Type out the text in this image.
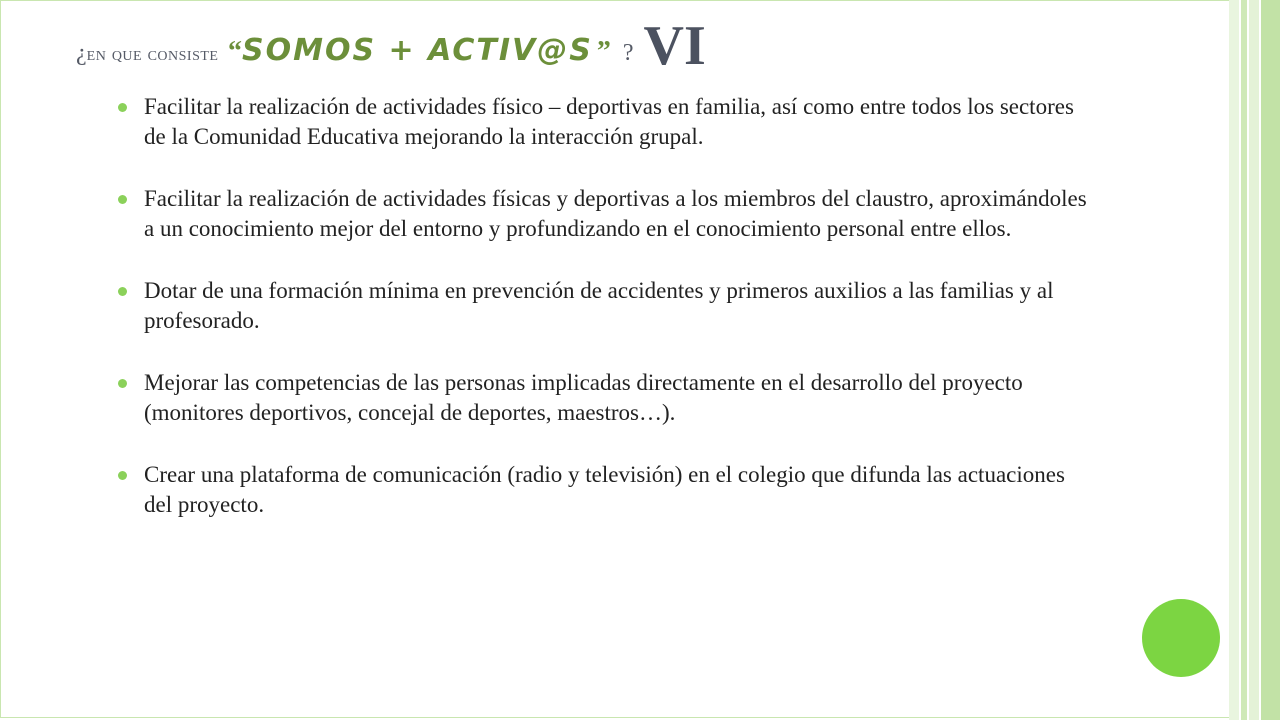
¿en que consiste “SOMOS + ACTIV@S ” ? VI
Facilitar la realización de actividades físico – deportivas en familia, así como entre todos los sectores de la Comunidad Educativa mejorando la interacción grupal.
Facilitar la realización de actividades físicas y deportivas a los miembros del claustro, aproximándoles a un conocimiento mejor del entorno y profundizando en el conocimiento personal entre ellos.
Dotar de una formación mínima en prevención de accidentes y primeros auxilios a las familias y al profesorado.
Mejorar las competencias de las personas implicadas directamente en el desarrollo del proyecto (monitores deportivos, concejal de deportes, maestros…).
Crear una plataforma de comunicación (radio y televisión) en el colegio que difunda las actuaciones del proyecto.
